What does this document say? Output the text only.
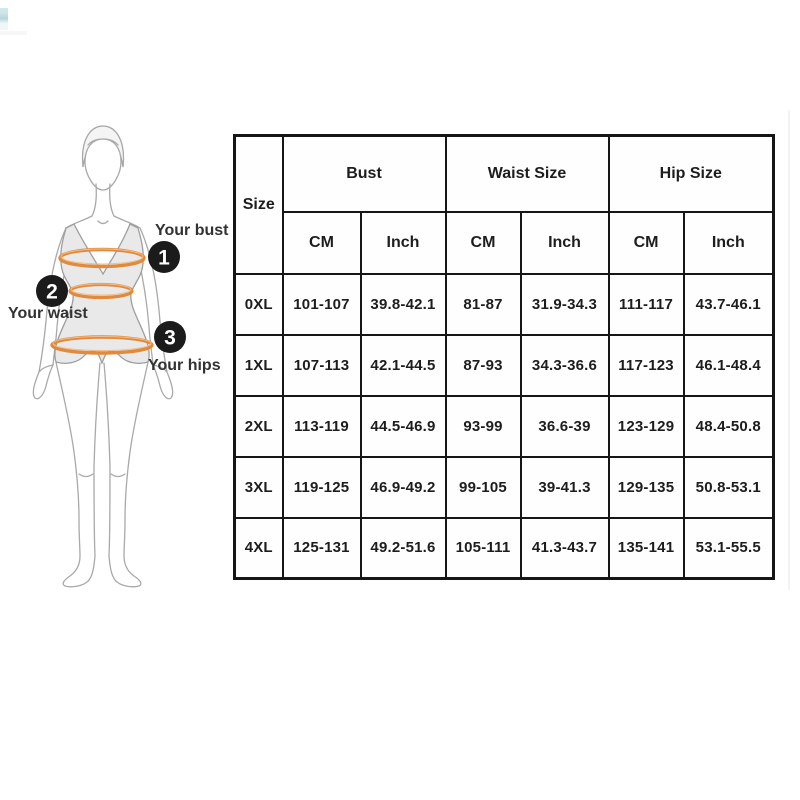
1
2
3
Your bust
Your waist
Your hips
Size	Bust		Waist Size		Hip Size	
	CM	Inch	CM	Inch	CM	Inch
0XL	101-107	39.8-42.1	81-87	31.9-34.3	111-117	43.7-46.1
1XL	107-113	42.1-44.5	87-93	34.3-36.6	117-123	46.1-48.4
2XL	113-119	44.5-46.9	93-99	36.6-39	123-129	48.4-50.8
3XL	119-125	46.9-49.2	99-105	39-41.3	129-135	50.8-53.1
4XL	125-131	49.2-51.6	105-111	41.3-43.7	135-141	53.1-55.5
